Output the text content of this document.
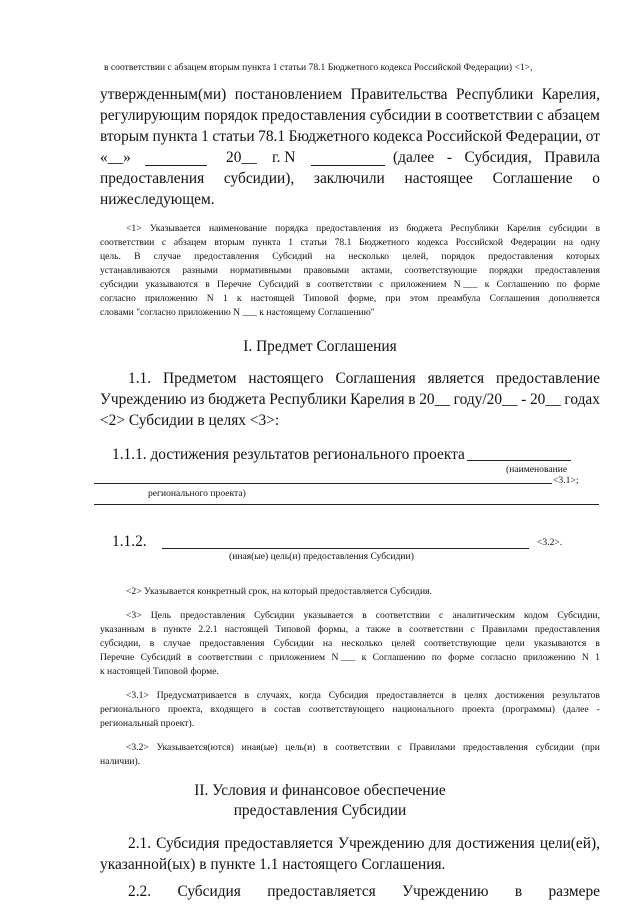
в соответствии с абзацем вторым пункта 1 статьи 78.1 Бюджетного кодекса Российской Федерации) <1>,
утвержденным(ми) постановлением Правительства Республики Карелия,
регулирующим порядок предоставления субсидии в соответствии с абзацем
вторым пункта 1 статьи 78.1 Бюджетного кодекса Российской Федерации, от
«__»	20__ г. N	(далее - Субсидия, Правила
предоставления субсидии), заключили настоящее Соглашение о
нижеследующем.
<1> Указывается наименование порядка предоставления из бюджета Республики Карелия субсидии в
соответствии с абзацем вторым пункта 1 статьи 78.1 Бюджетного кодекса Российской Федерации на одну
цель. В случае предоставления Субсидий на несколько целей, порядок предоставления которых
устанавливаются разными нормативными правовыми актами, соответствующие порядки предоставления
субсидии указываются в Перечне Субсидий в соответствии с приложением N ___ к Соглашению по форме
согласно приложению N 1 к настоящей Типовой форме, при этом преамбула Соглашения дополняется
словами "согласно приложению N ___ к настоящему Соглашению"
I. Предмет Соглашения
1.1. Предметом настоящего Соглашения является предоставление
Учреждению из бюджета Республики Карелия в 20__ году/20__ - 20__ годах
<2> Субсидии в целях <3>:
1.1.1. достижения результатов регионального проекта
(наименование
<3.1>;
регионального проекта)
1.1.2.	<3.2>.
(иная(ые) цель(и) предоставления Субсидии)
<2> Указывается конкретный срок, на который предоставляется Субсидия.
<3> Цель предоставления Субсидии указывается в соответствии с аналитическим кодом Субсидии,
указанным в пункте 2.2.1 настоящей Типовой формы, а также в соответствии с Правилами предоставления
субсидии, в случае предоставления Субсидии на несколько целей соответствующие цели указываются в
Перечне Субсидий в соответствии с приложением N ___ к Соглашению по форме согласно приложению N 1
к настоящей Типовой форме.
<3.1> Предусматривается в случаях, когда Субсидия предоставляется в целях достижения результатов
регионального проекта, входящего в состав соответствующего национального проекта (программы) (далее -
региональный проект).
<3.2> Указывается(ются) иная(ые) цель(и) в соответствии с Правилами предоставления субсидии (при
наличии).
II. Условия и финансовое обеспечение
предоставления Субсидии
2.1. Субсидия предоставляется Учреждению для достижения цели(ей),
указанной(ых) в пункте 1.1 настоящего Соглашения.
2.2. Субсидия предоставляется Учреждению в размере
